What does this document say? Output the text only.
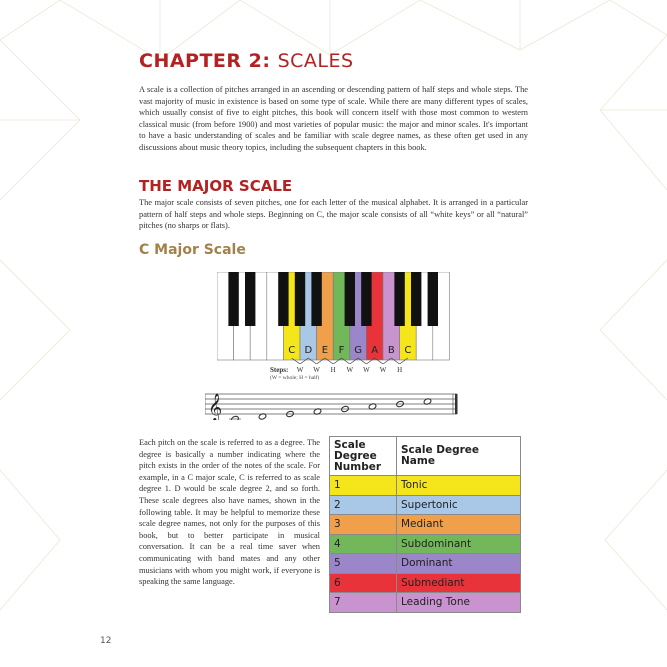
CHAPTER 2: SCALES

A scale is a collection of pitches arranged in an ascending or descending pattern of half steps and whole steps. The vast majority of music in existence is based on some type of scale. While there are many different types of scales, which usually consist of five to eight pitches, this book will concern itself with those most common to western classical music (from before 1900) and most varieties of popular music: the major and minor scales. It's important to have a basic understanding of scales and be familiar with scale degree names, as these often get used in any discussions about music theory topics, including the subsequent chapters in this book.

THE MAJOR SCALE

The major scale consists of seven pitches, one for each letter of the musical alphabet. It is arranged in a particular pattern of half steps and whole steps. Beginning on C, the major scale consists of all “white keys” or all “natural” pitches (no sharps or flats).

C Major Scale
C D E F G A B C
Steps:
(W = whole; H = half)
W W	H	W W W	H
𝄞

Each pitch on the scale is referred to as a degree. The degree is basically a number indicating where the pitch exists in the order of the notes of the scale. For example, in a C major scale, C is referred to as scale degree 1. D would be scale degree 2, and so forth. These scale degrees also have names, shown in the following table. It may be helpful to memorize these scale degree names, not only for the purposes of this book, but to better participate in musical conversation. It can be a real time saver when communicating with band mates and any other musicians with whom you might work, if everyone is speaking the same language.

Scale Degree Number	Scale Degree Name
1	Tonic
2	Supertonic
3	Mediant
4	Subdominant
5	Dominant
6	Submediant
7	Leading Tone
12
